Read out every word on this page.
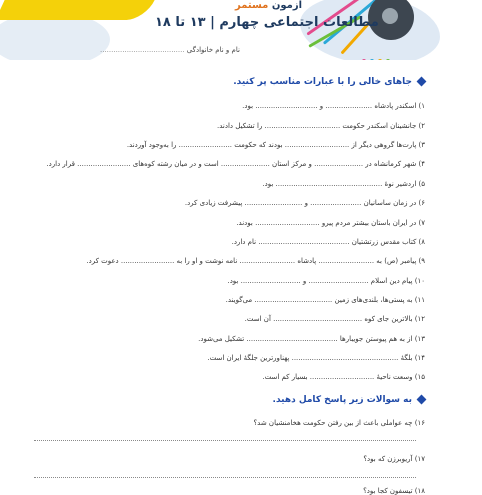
آزمون مستمر
مطالعات اجتماعی چهارم | ۱۳ تا ۱۸
نام و نام خانوادگی ......................................
جاهای خالی را با عبارات مناسب پر کنید.
۱) اسکندر پادشاه ..................... و ............................ بود.
۲) جانشینان اسکندر حکومت .................................. را تشکیل دادند.
۳) پارت‌ها گروهی دیگر از ............................. بودند که حکومت ........................ را به‌وجود آوردند.
۴) شهر کرمانشاه در ...................... و مرکز استان ...................... است و در میان رشته کوه‌های ........................ قرار دارد.
۵) اردشیر نوهٔ ................................................ بود.
۶) در زمان ساسانیان ....................... و .......................... پیشرفت زیادی کرد.
۷) در ایران باستان بیشتر مردم پیرو ............................. بودند.
۸) کتاب مقدس زرتشتیان ......................................... نام دارد.
۹) پیامبر (ص) به ......................... پادشاه ......................... نامه نوشت و او را به ........................ دعوت کرد.
۱۰) پیام دین اسلام ........................... و ........................... بود.
۱۱) به پستی‌ها، بلندی‌های زمین ................................... می‌گویند.
۱۲) بالاترین جای کوه ........................................ آن است.
۱۳) از به هم پیوستن جویبارها ......................................... تشکیل می‌شود.
۱۴) بلگهٔ ................................................ پهناورترین جلگهٔ ایران است.
۱۵) وسعت ناحیهٔ ............................. بسیار کم است.
به سوالات زیر پاسخ کامل دهید.
۱۶) چه عواملی باعث از بین رفتن حکومت هخامنشیان شد؟
۱۷) آریوبرزن که بود؟
۱۸) تیسفون کجا بود؟
